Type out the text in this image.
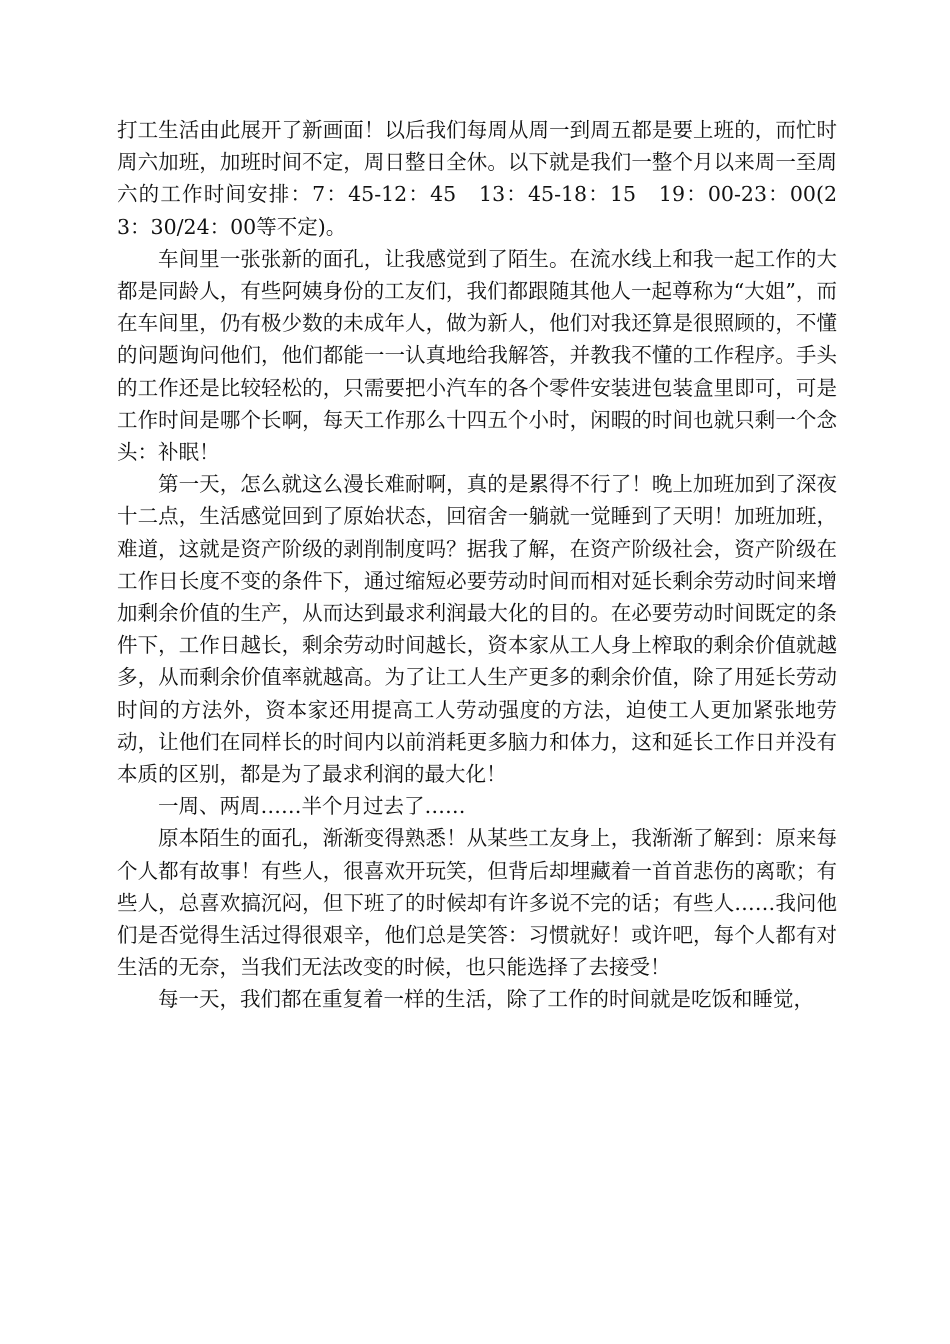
打工生活由此展开了新画面！以后我们每周从周一到周五都是要上班的，而忙时周六加班，加班时间不定，周日整日全休。以下就是我们一整个月以来周一至周六的工作时间安排：7：45-12：45　13：45-18：15　19：00-23：00(23：30/24：00等不定)。

车间里一张张新的面孔，让我感觉到了陌生。在流水线上和我一起工作的大都是同龄人，有些阿姨身份的工友们，我们都跟随其他人一起尊称为“大姐”，而在车间里，仍有极少数的未成年人，做为新人，他们对我还算是很照顾的，不懂的问题询问他们，他们都能一一认真地给我解答，并教我不懂的工作程序。手头的工作还是比较轻松的，只需要把小汽车的各个零件安装进包装盒里即可，可是工作时间是哪个长啊，每天工作那么十四五个小时，闲暇的时间也就只剩一个念头：补眠！

第一天，怎么就这么漫长难耐啊，真的是累得不行了！晚上加班加到了深夜十二点，生活感觉回到了原始状态，回宿舍一躺就一觉睡到了天明！加班加班，难道，这就是资产阶级的剥削制度吗？据我了解，在资产阶级社会，资产阶级在工作日长度不变的条件下，通过缩短必要劳动时间而相对延长剩余劳动时间来增加剩余价值的生产，从而达到最求利润最大化的目的。在必要劳动时间既定的条件下，工作日越长，剩余劳动时间越长，资本家从工人身上榨取的剩余价值就越多，从而剩余价值率就越高。为了让工人生产更多的剩余价值，除了用延长劳动时间的方法外，资本家还用提高工人劳动强度的方法，迫使工人更加紧张地劳动，让他们在同样长的时间内以前消耗更多脑力和体力，这和延长工作日并没有本质的区别，都是为了最求利润的最大化！

一周、两周……半个月过去了……

原本陌生的面孔，渐渐变得熟悉！从某些工友身上，我渐渐了解到：原来每个人都有故事！有些人，很喜欢开玩笑，但背后却埋藏着一首首悲伤的离歌；有些人，总喜欢搞沉闷，但下班了的时候却有许多说不完的话；有些人……我问他们是否觉得生活过得很艰辛，他们总是笑答：习惯就好！或许吧，每个人都有对生活的无奈，当我们无法改变的时候，也只能选择了去接受！

每一天，我们都在重复着一样的生活，除了工作的时间就是吃饭和睡觉，
